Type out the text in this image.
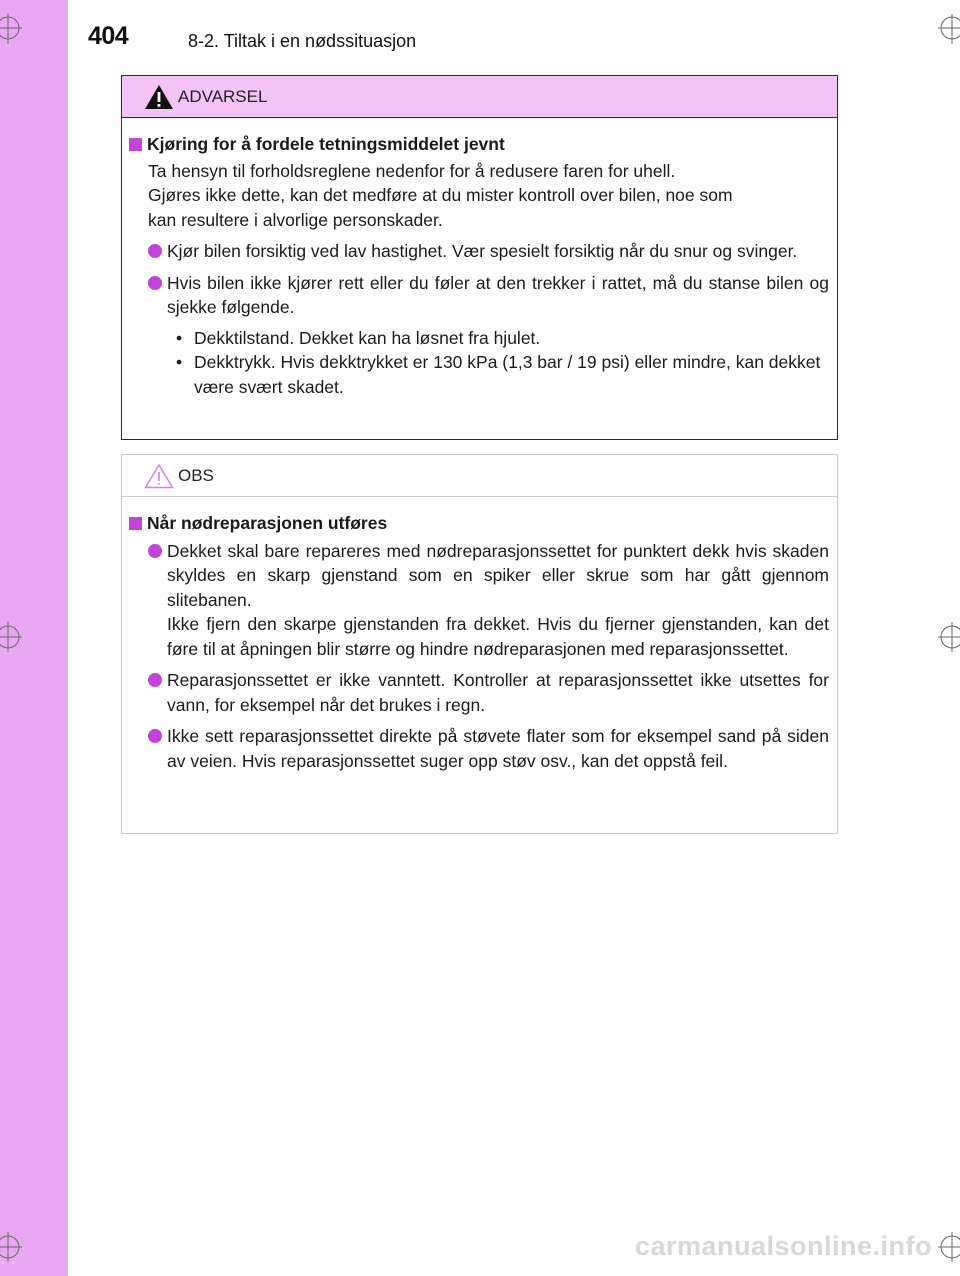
404	8-2. Tiltak i en nødssituasjon
ADVARSEL
Kjøring for å fordele tetningsmiddelet jevnt
Ta hensyn til forholdsreglene nedenfor for å redusere faren for uhell.
Gjøres ikke dette, kan det medføre at du mister kontroll over bilen, noe som
kan resultere i alvorlige personskader.
Kjør bilen forsiktig ved lav hastighet. Vær spesielt forsiktig når du snur og svinger.
Hvis bilen ikke kjører rett eller du føler at den trekker i rattet, må du stanse bilen og sjekke følgende.
• Dekktilstand. Dekket kan ha løsnet fra hjulet.
• Dekktrykk. Hvis dekktrykket er 130 kPa (1,3 bar / 19 psi) eller mindre, kan dekket være svært skadet.
OBS
Når nødreparasjonen utføres
Dekket skal bare repareres med nødreparasjonssettet for punktert dekk hvis skaden skyldes en skarp gjenstand som en spiker eller skrue som har gått gjennom slitebanen.
Ikke fjern den skarpe gjenstanden fra dekket. Hvis du fjerner gjenstanden, kan det føre til at åpningen blir større og hindre nødreparasjonen med reparasjonssettet.
Reparasjonssettet er ikke vanntett. Kontroller at reparasjonssettet ikke utsettes for vann, for eksempel når det brukes i regn.
Ikke sett reparasjonssettet direkte på støvete flater som for eksempel sand på siden av veien. Hvis reparasjonssettet suger opp støv osv., kan det oppstå feil.
carmanualsonline.info
